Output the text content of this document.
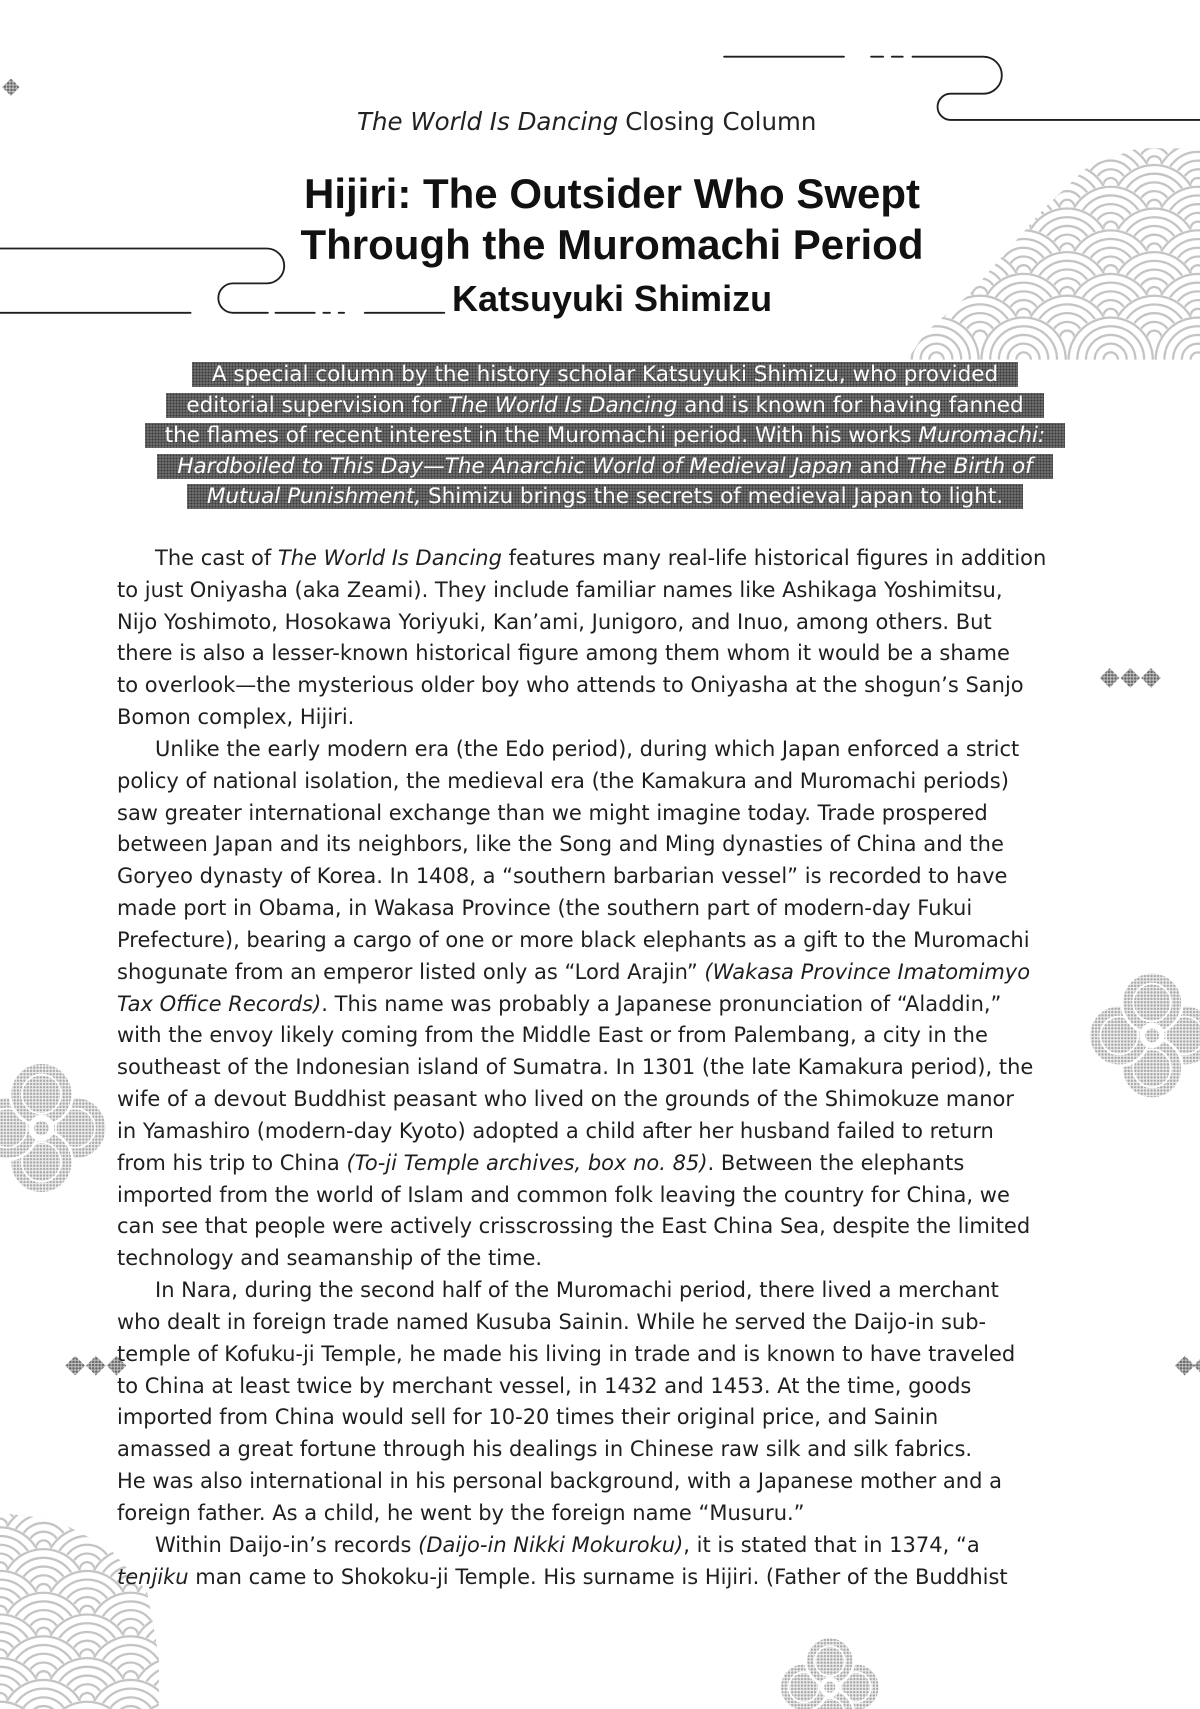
The World Is Dancing Closing Column
Hijiri: The Outsider Who Swept
Through the Muromachi Period
Katsuyuki Shimizu
A special column by the history scholar Katsuyuki Shimizu, who provided
editorial supervision for The World Is Dancing and is known for having fanned
the flames of recent interest in the Muromachi period. With his works Muromachi:
Hardboiled to This Day—The Anarchic World of Medieval Japan and The Birth of
Mutual Punishment, Shimizu brings the secrets of medieval Japan to light.
The cast of The World Is Dancing features many real-life historical figures in addition
to just Oniyasha (aka Zeami). They include familiar names like Ashikaga Yoshimitsu,
Nijo Yoshimoto, Hosokawa Yoriyuki, Kan’ami, Junigoro, and Inuo, among others. But
there is also a lesser-known historical figure among them whom it would be a shame
to overlook—the mysterious older boy who attends to Oniyasha at the shogun’s Sanjo
Bomon complex, Hijiri.
Unlike the early modern era (the Edo period), during which Japan enforced a strict
policy of national isolation, the medieval era (the Kamakura and Muromachi periods)
saw greater international exchange than we might imagine today. Trade prospered
between Japan and its neighbors, like the Song and Ming dynasties of China and the
Goryeo dynasty of Korea. In 1408, a “southern barbarian vessel” is recorded to have
made port in Obama, in Wakasa Province (the southern part of modern-day Fukui
Prefecture), bearing a cargo of one or more black elephants as a gift to the Muromachi
shogunate from an emperor listed only as “Lord Arajin” (Wakasa Province Imatomimyo
Tax Office Records). This name was probably a Japanese pronunciation of “Aladdin,”
with the envoy likely coming from the Middle East or from Palembang, a city in the
southeast of the Indonesian island of Sumatra. In 1301 (the late Kamakura period), the
wife of a devout Buddhist peasant who lived on the grounds of the Shimokuze manor
in Yamashiro (modern-day Kyoto) adopted a child after her husband failed to return
from his trip to China (To-ji Temple archives, box no. 85). Between the elephants
imported from the world of Islam and common folk leaving the country for China, we
can see that people were actively crisscrossing the East China Sea, despite the limited
technology and seamanship of the time.
In Nara, during the second half of the Muromachi period, there lived a merchant
who dealt in foreign trade named Kusuba Sainin. While he served the Daijo-in sub-
temple of Kofuku-ji Temple, he made his living in trade and is known to have traveled
to China at least twice by merchant vessel, in 1432 and 1453. At the time, goods
imported from China would sell for 10-20 times their original price, and Sainin
amassed a great fortune through his dealings in Chinese raw silk and silk fabrics.
He was also international in his personal background, with a Japanese mother and a
foreign father. As a child, he went by the foreign name “Musuru.”
Within Daijo-in’s records (Daijo-in Nikki Mokuroku), it is stated that in 1374, “a
tenjiku man came to Shokoku-ji Temple. His surname is Hijiri. (Father of the Buddhist
